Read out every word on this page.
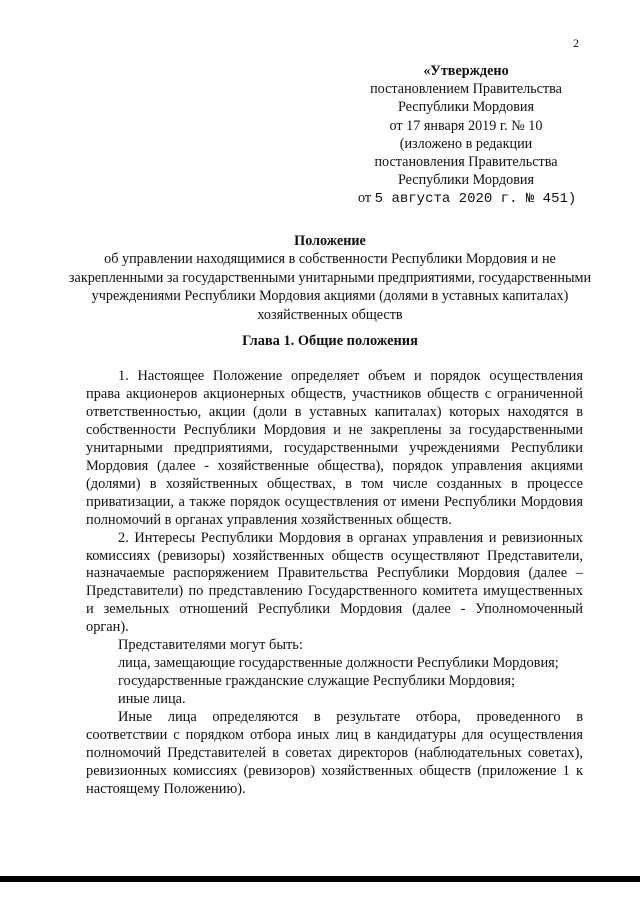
2
«Утверждено
постановлением Правительства
Республики Мордовия
от 17 января 2019 г. № 10
(изложено в редакции
постановления Правительства
Республики Мордовия
от 5 августа 2020 г. № 451)
Положение
об управлении находящимися в собственности Республики Мордовия и не закрепленными за государственными унитарными предприятиями, государственными учреждениями Республики Мордовия акциями (долями в уставных капиталах) хозяйственных обществ
Глава 1. Общие положения

1. Настоящее Положение определяет объем и порядок осуществления права акционеров акционерных обществ, участников обществ с ограниченной ответственностью, акции (доли в уставных капиталах) которых находятся в собственности Республики Мордовия и не закреплены за государственными унитарными предприятиями, государственными учреждениями Республики Мордовия (далее - хозяйственные общества), порядок управления акциями (долями) в хозяйственных обществах, в том числе созданных в процессе приватизации, а также порядок осуществления от имени Республики Мордовия полномочий в органах управления хозяйственных обществ.

2. Интересы Республики Мордовия в органах управления и ревизионных комиссиях (ревизоры) хозяйственных обществ осуществляют Представители, назначаемые распоряжением Правительства Республики Мордовия (далее – Представители) по представлению Государственного комитета имущественных и земельных отношений Республики Мордовия (далее - Уполномоченный орган).

Представителями могут быть:

лица, замещающие государственные должности Республики Мордовия;

государственные гражданские служащие Республики Мордовия;

иные лица.

Иные лица определяются в результате отбора, проведенного в соответствии с порядком отбора иных лиц в кандидатуры для осуществления полномочий Представителей в советах директоров (наблюдательных советах), ревизионных комиссиях (ревизоров) хозяйственных обществ (приложение 1 к настоящему Положению).
